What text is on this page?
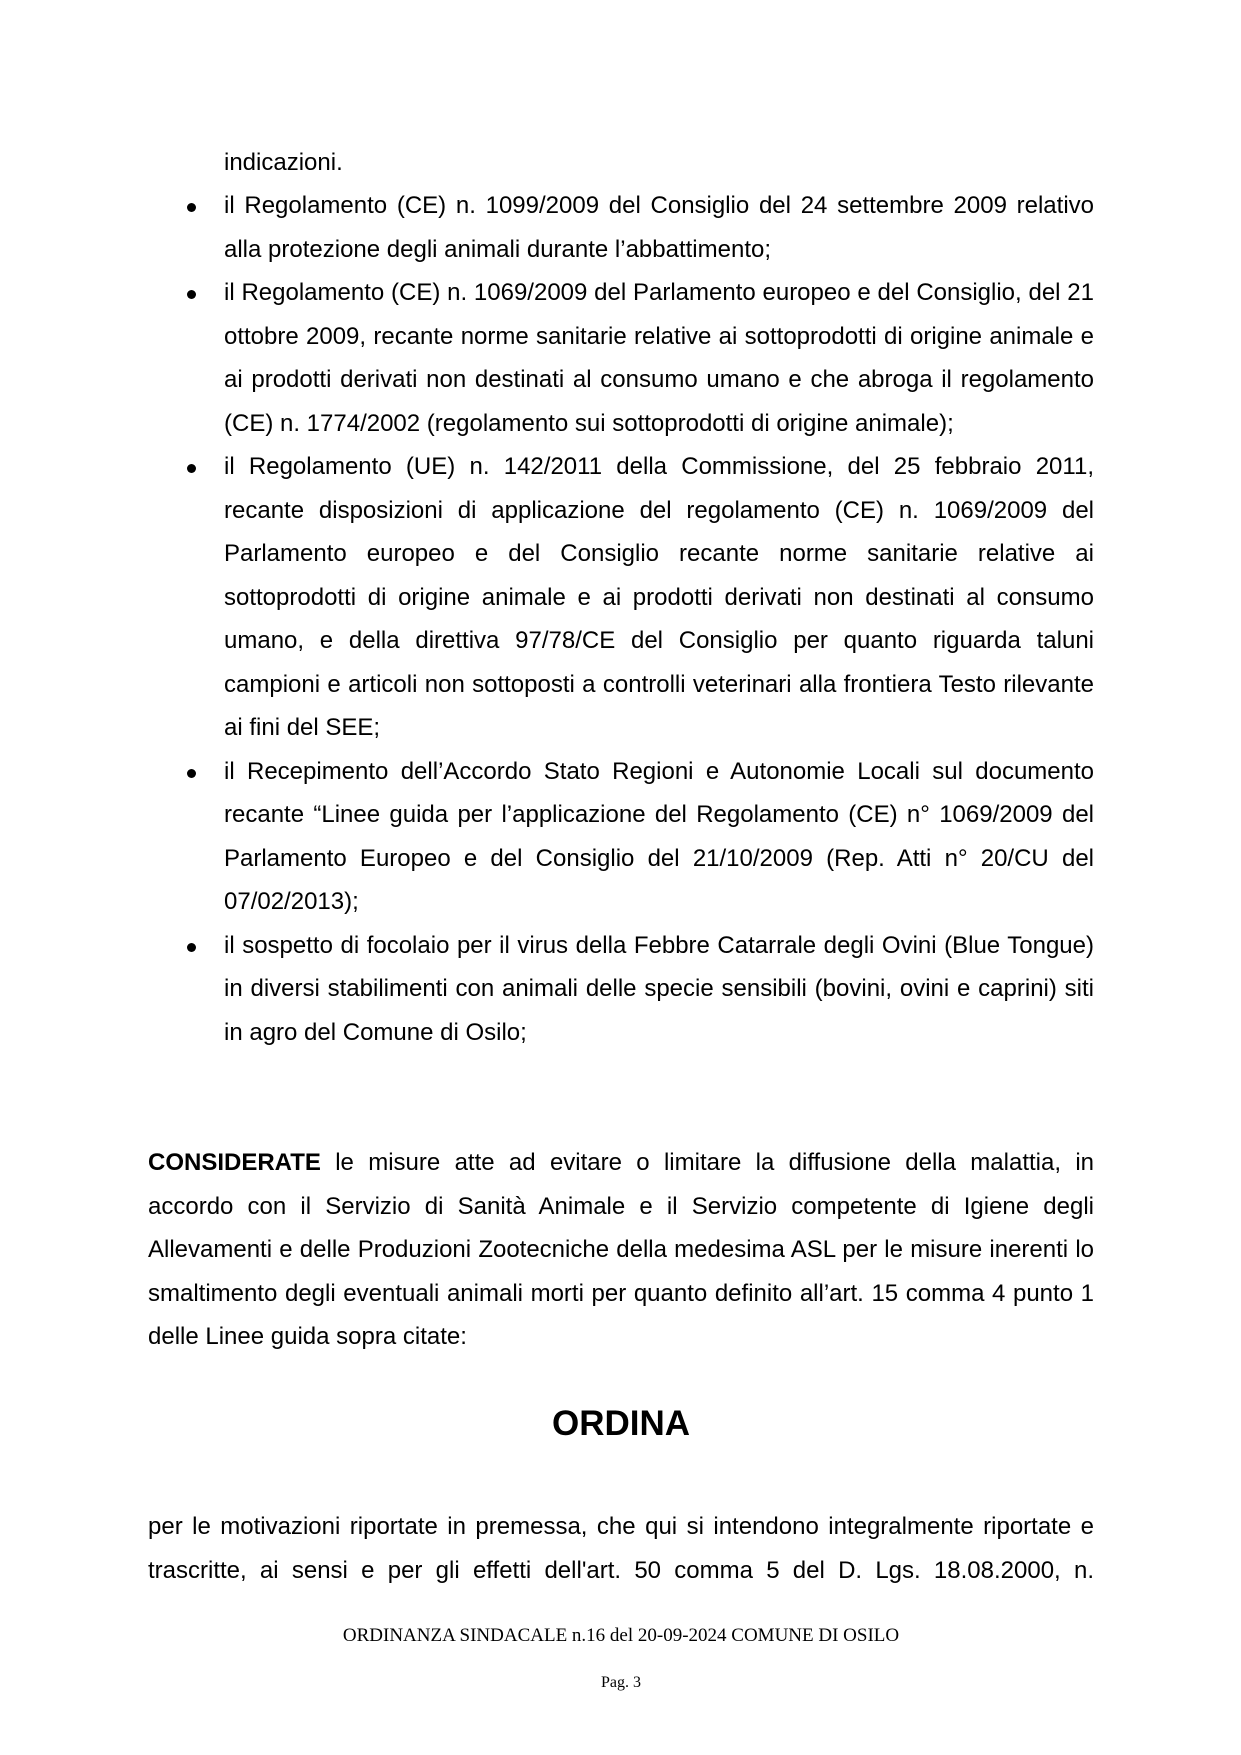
indicazioni.

il Regolamento (CE) n. 1099/2009 del Consiglio del 24 settembre 2009 relativo alla protezione degli animali durante l’abbattimento;
il Regolamento (CE) n. 1069/2009 del Parlamento europeo e del Consiglio, del 21 ottobre 2009, recante norme sanitarie relative ai sottoprodotti di origine animale e ai prodotti derivati non destinati al consumo umano e che abroga il regolamento (CE) n. 1774/2002 (regolamento sui sottoprodotti di origine animale);
il Regolamento (UE) n. 142/2011 della Commissione, del 25 febbraio 2011, recante disposizioni di applicazione del regolamento (CE) n. 1069/2009 del Parlamento europeo e del Consiglio recante norme sanitarie relative ai sottoprodotti di origine animale e ai prodotti derivati non destinati al consumo umano, e della direttiva 97/78/CE del Consiglio per quanto riguarda taluni campioni e articoli non sottoposti a controlli veterinari alla frontiera Testo rilevante ai fini del SEE;
il Recepimento dell’Accordo Stato Regioni e Autonomie Locali sul documento recante “Linee guida per l’applicazione del Regolamento (CE) n° 1069/2009 del Parlamento Europeo e del Consiglio del 21/10/2009 (Rep. Atti n° 20/CU del 07/02/2013);
il sospetto di focolaio per il virus della Febbre Catarrale degli Ovini (Blue Tongue) in diversi stabilimenti con animali delle specie sensibili (bovini, ovini e caprini) siti in agro del Comune di Osilo;

CONSIDERATE le misure atte ad evitare o limitare la diffusione della malattia, in accordo con il Servizio di Sanità Animale e il Servizio competente di Igiene degli Allevamenti e delle Produzioni Zootecniche della medesima ASL per le misure inerenti lo smaltimento degli eventuali animali morti per quanto definito all’art. 15 comma 4 punto 1 delle Linee guida sopra citate:

ORDINA

per le motivazioni riportate in premessa, che qui si intendono integralmente riportate e trascritte, ai sensi e per gli effetti dell'art. 50 comma 5 del D. Lgs. 18.08.2000, n.

ORDINANZA SINDACALE n.16 del 20-09-2024 COMUNE DI OSILO

Pag. 3
